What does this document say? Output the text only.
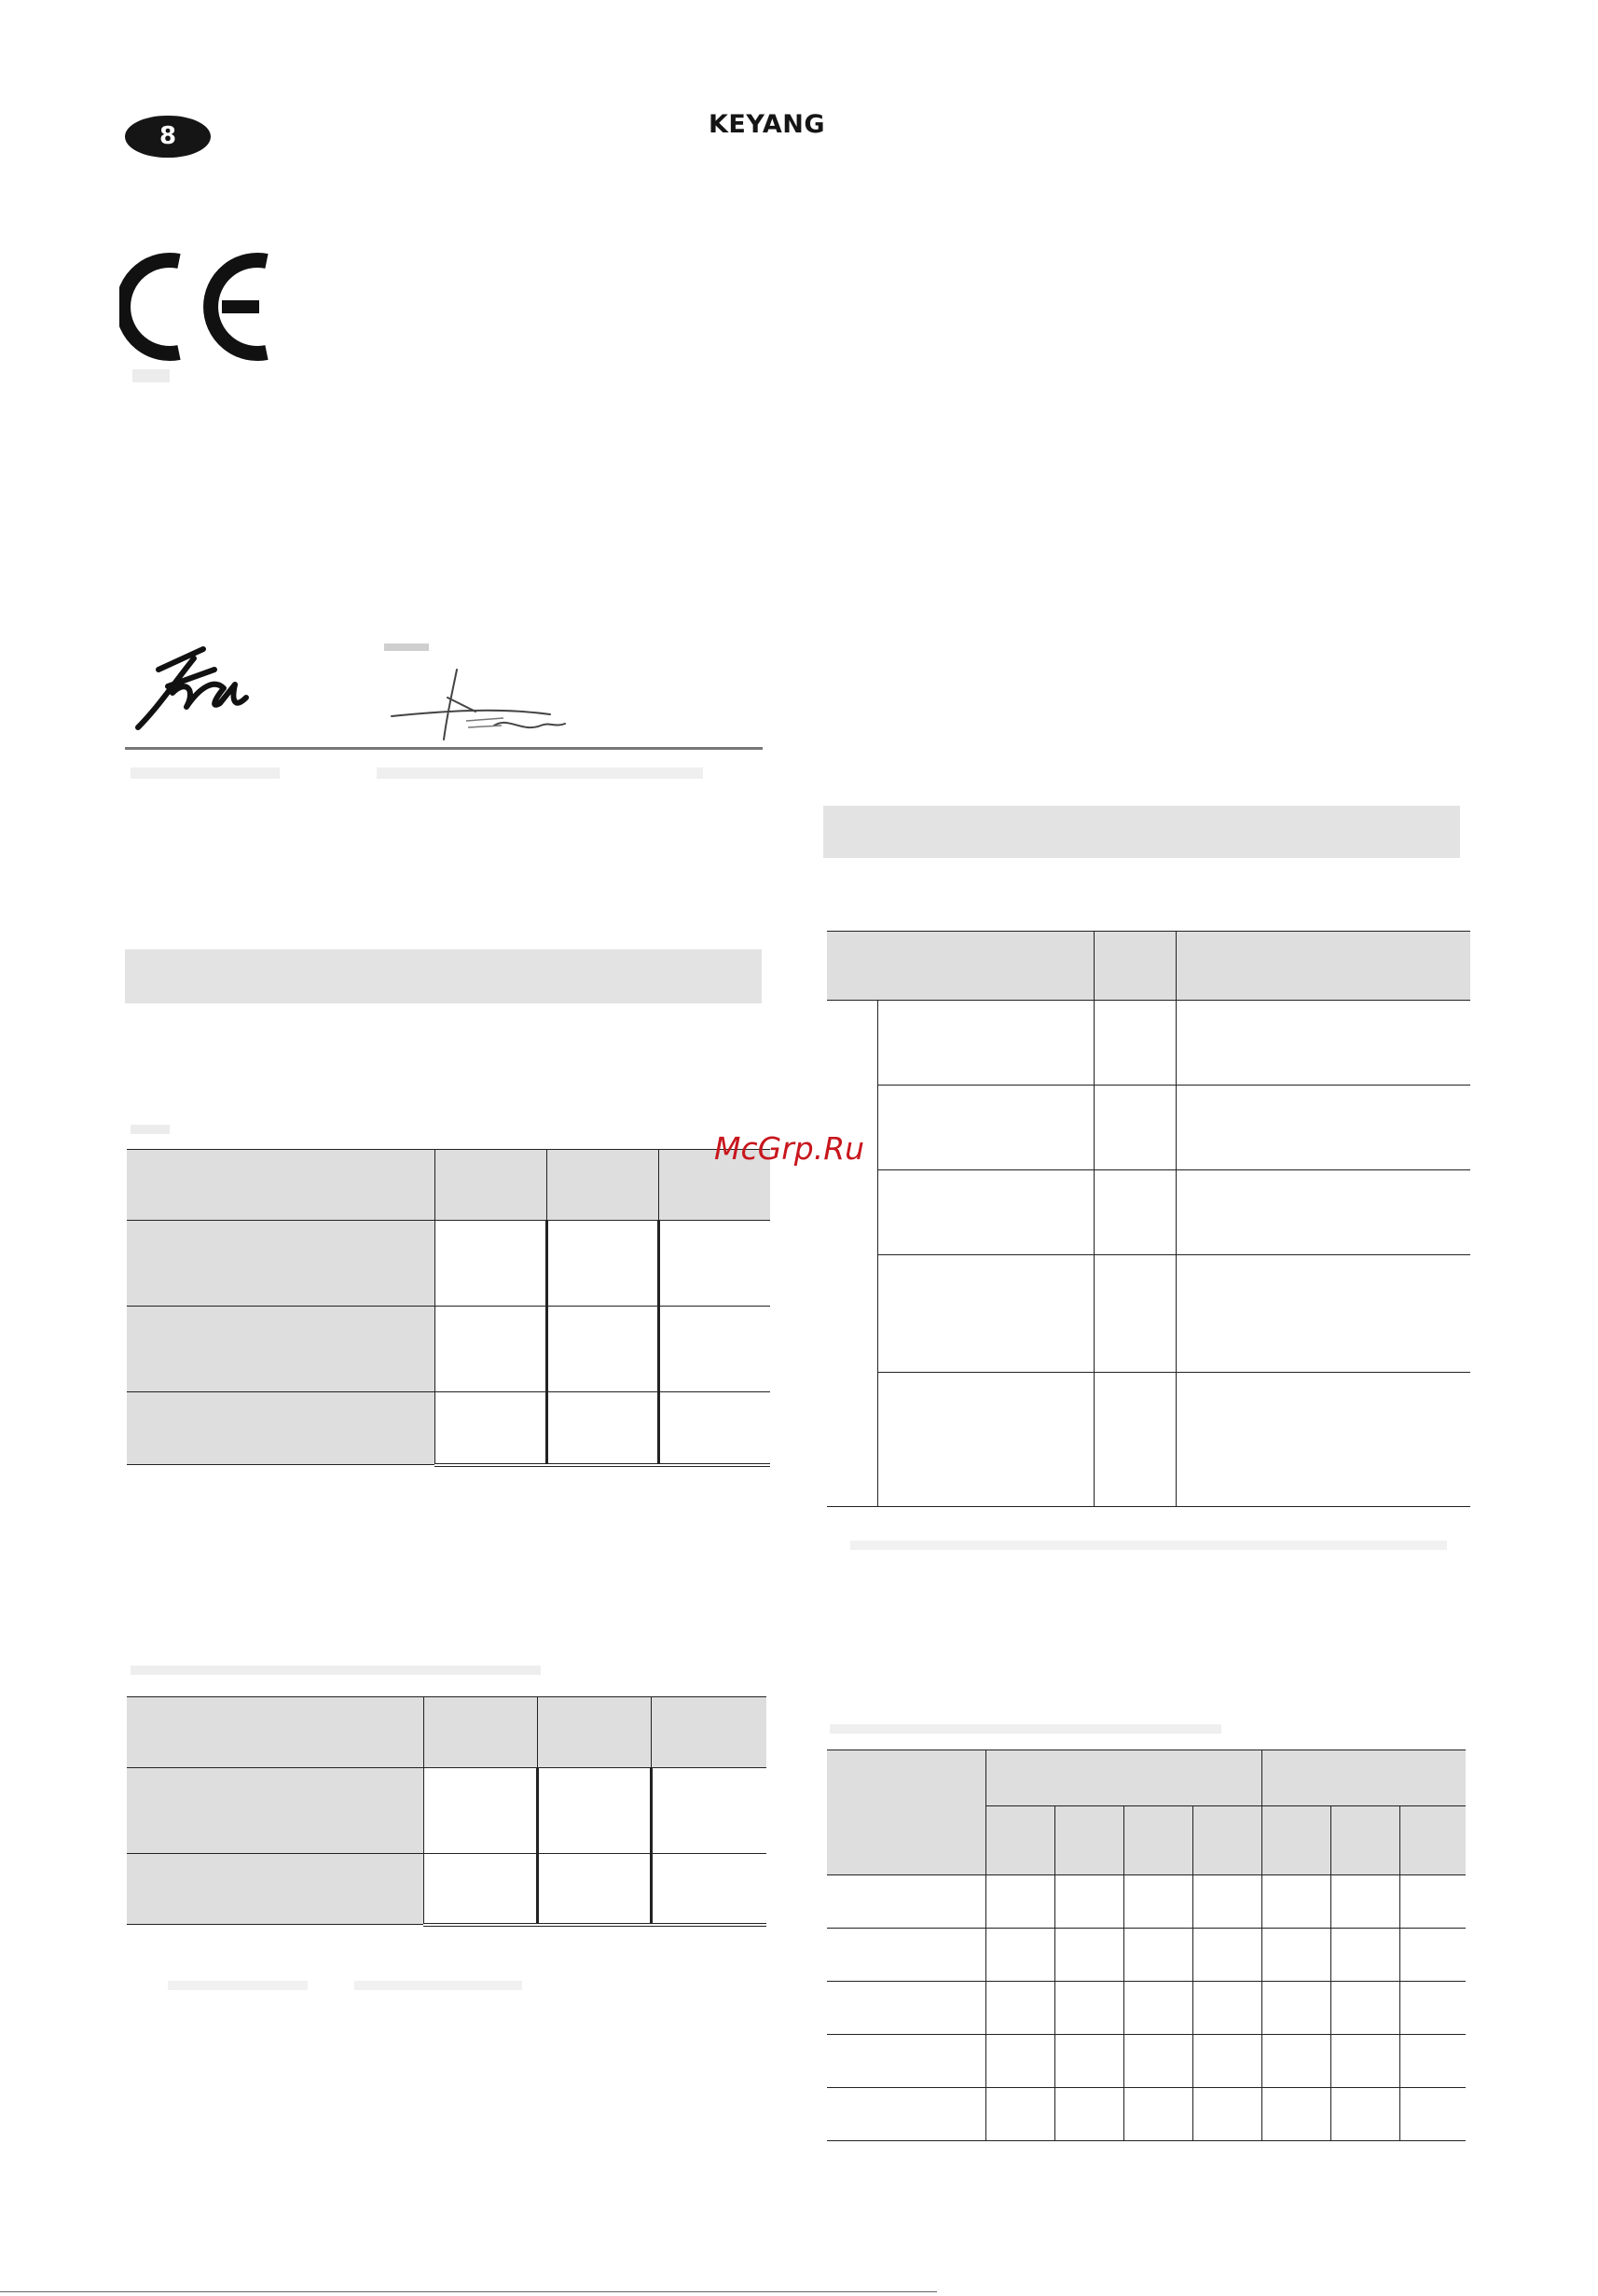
8	KEYANG

McGrp.Ru
